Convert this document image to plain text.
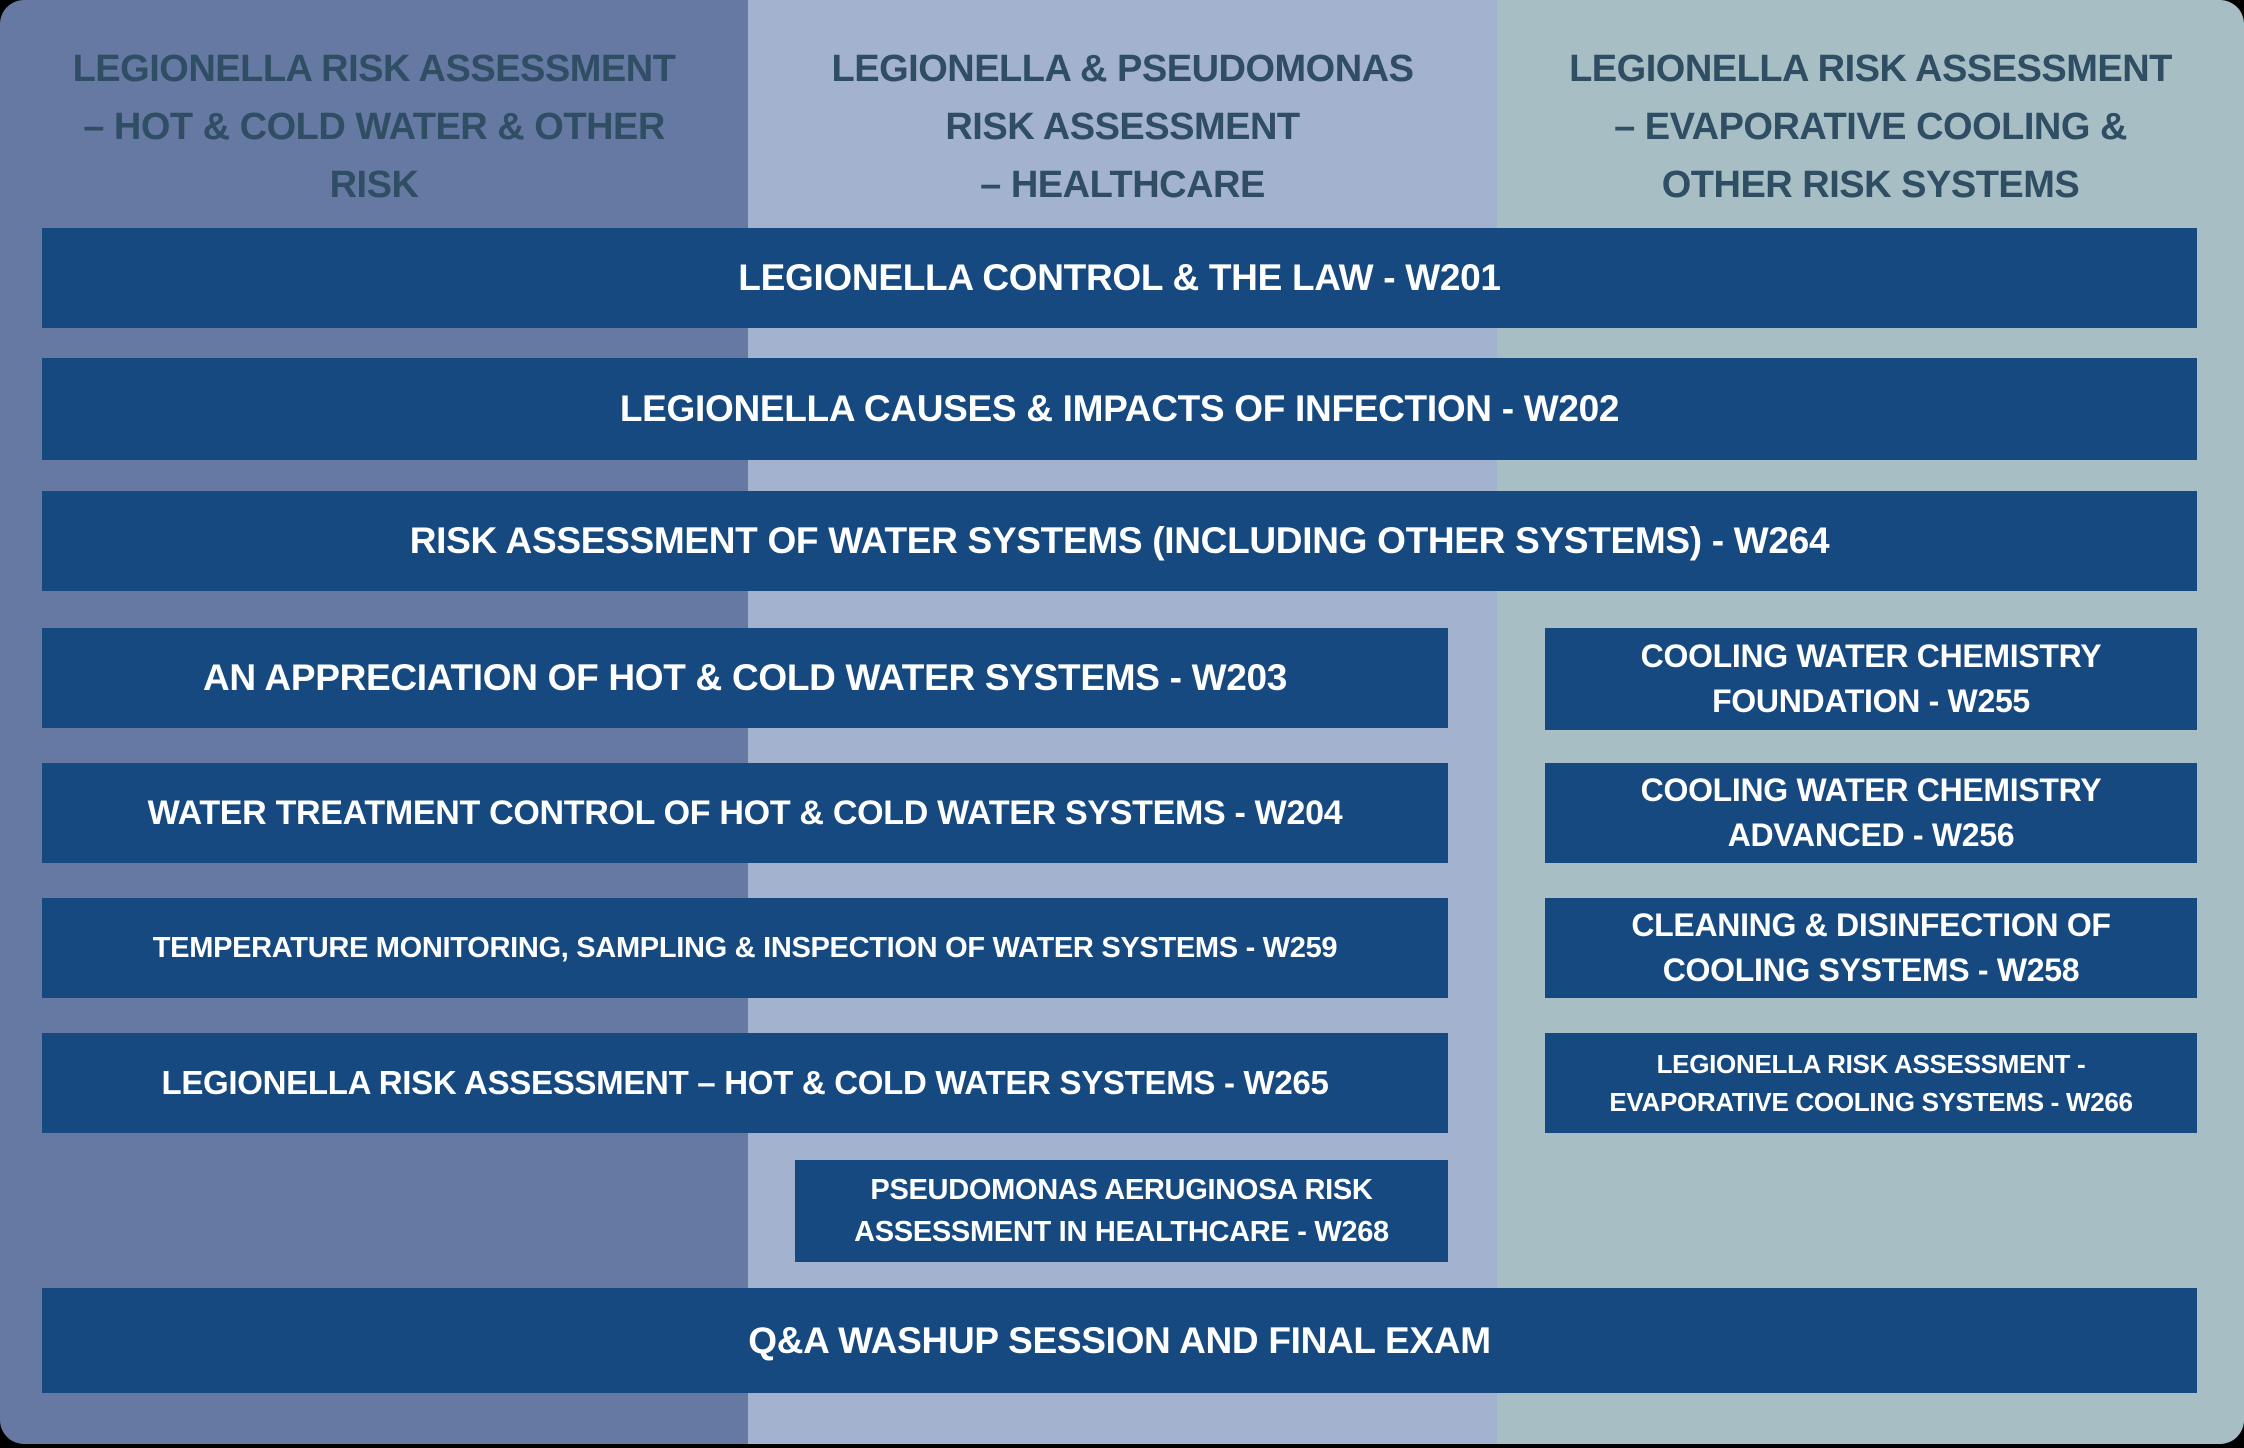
LEGIONELLA RISK ASSESSMENT
– HOT & COLD WATER & OTHER
RISK
LEGIONELLA & PSEUDOMONAS
RISK ASSESSMENT
– HEALTHCARE
LEGIONELLA RISK ASSESSMENT
– EVAPORATIVE COOLING &
OTHER RISK SYSTEMS
LEGIONELLA CONTROL & THE LAW - W201
LEGIONELLA CAUSES & IMPACTS OF INFECTION - W202
RISK ASSESSMENT OF WATER SYSTEMS (INCLUDING OTHER SYSTEMS) - W264
AN APPRECIATION OF HOT & COLD WATER SYSTEMS - W203
COOLING WATER CHEMISTRY FOUNDATION - W255
WATER TREATMENT CONTROL OF HOT & COLD WATER SYSTEMS - W204
COOLING WATER CHEMISTRY ADVANCED - W256
TEMPERATURE MONITORING, SAMPLING & INSPECTION OF WATER SYSTEMS - W259
CLEANING & DISINFECTION OF COOLING SYSTEMS - W258
LEGIONELLA RISK ASSESSMENT – HOT & COLD WATER SYSTEMS - W265	LEGIONELLA RISK ASSESSMENT - EVAPORATIVE COOLING SYSTEMS - W266
PSEUDOMONAS AERUGINOSA RISK ASSESSMENT IN HEALTHCARE - W268
Q&A WASHUP SESSION AND FINAL EXAM
